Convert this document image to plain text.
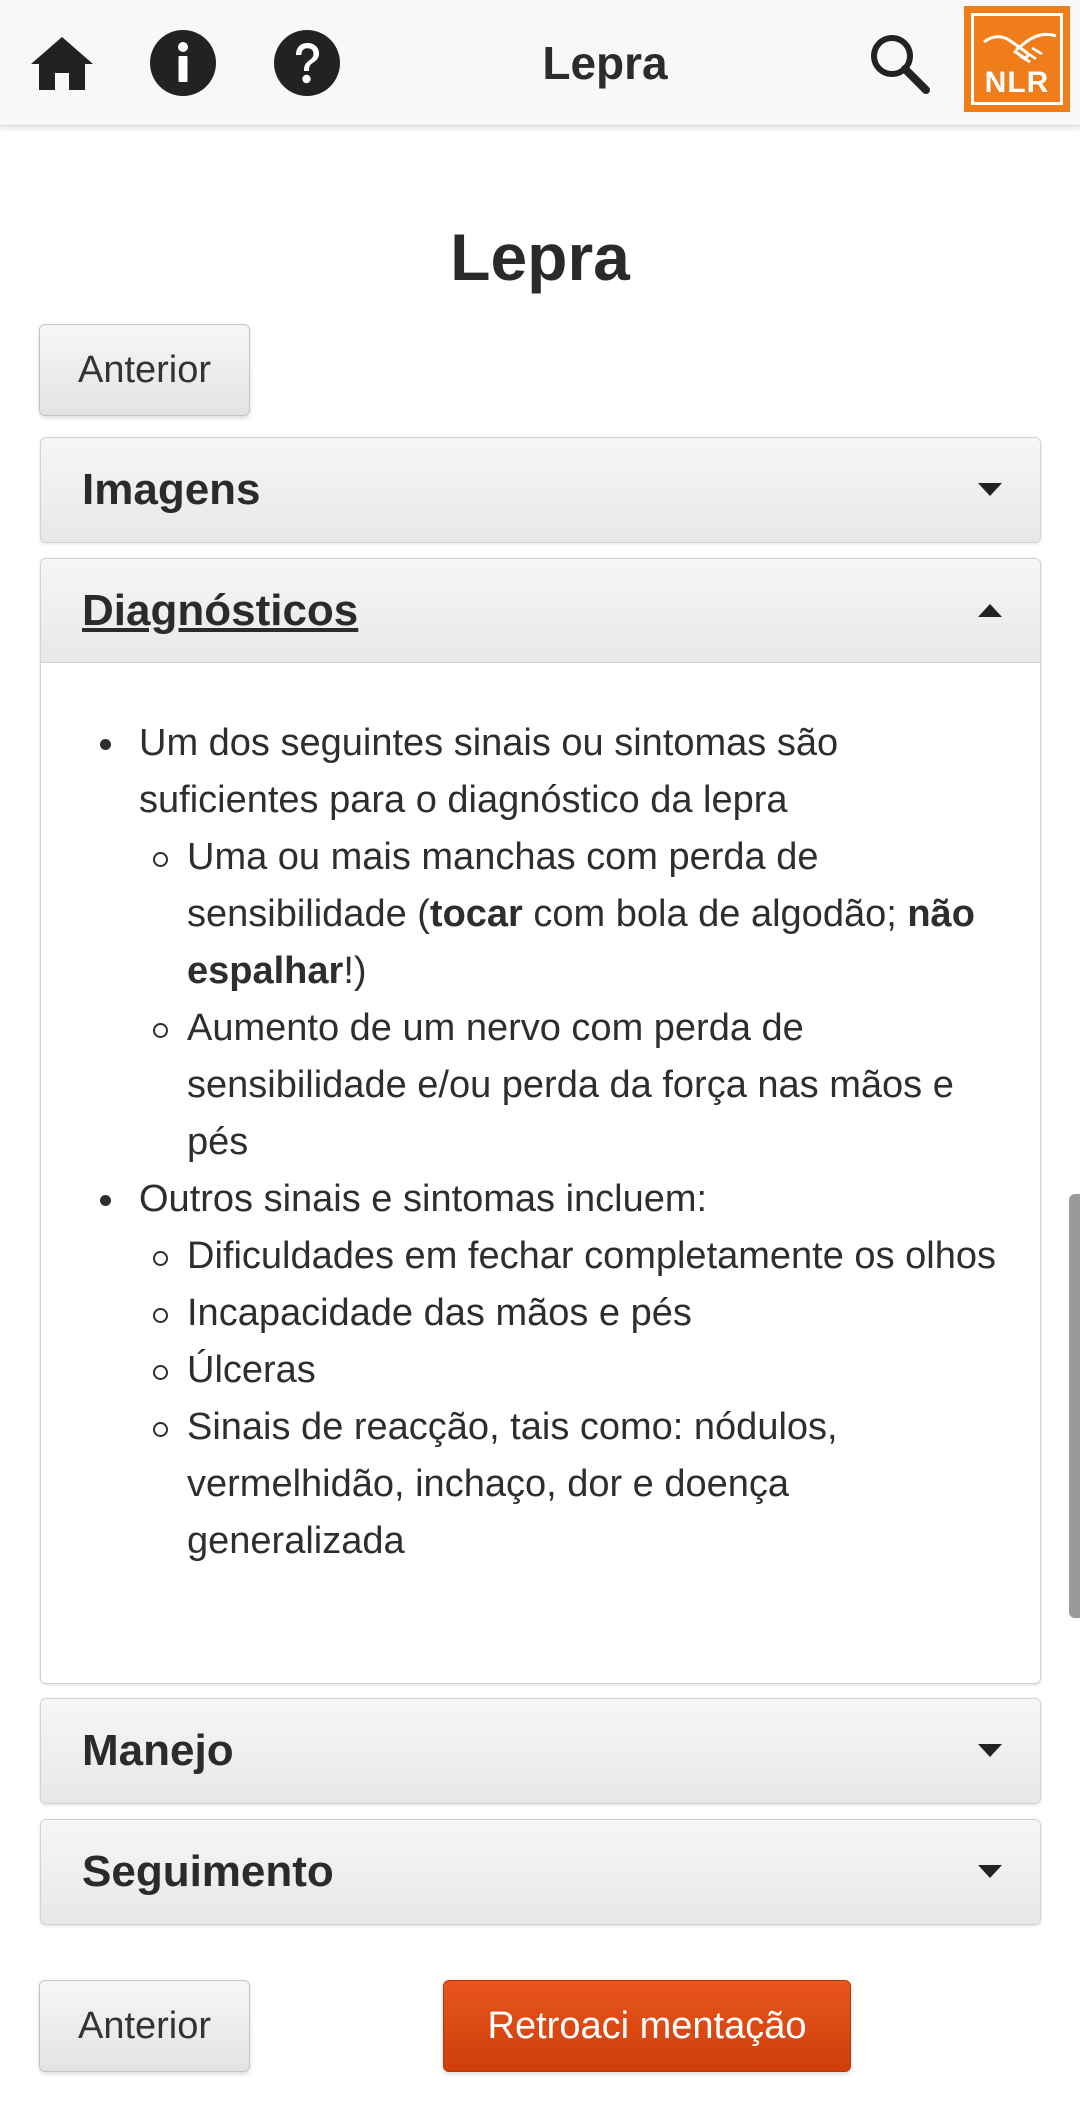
Lepra	NLR
Lepra
Anterior
Imagens
Diagnósticos
Um dos seguintes sinais ou sintomas são suficientes para o diagnóstico da lepra
Uma ou mais manchas com perda de sensibilidade (tocar com bola de algodão; não espalhar!)
Aumento de um nervo com perda de sensibilidade e/ou perda da força nas mãos e pés
Outros sinais e sintomas incluem:
Dificuldades em fechar completamente os olhos
Incapacidade das mãos e pés
Úlceras
Sinais de reacção, tais como: nódulos, vermelhidão, inchaço, dor e doença generalizada
Manejo
Seguimento
Anterior	Retroaci mentação
